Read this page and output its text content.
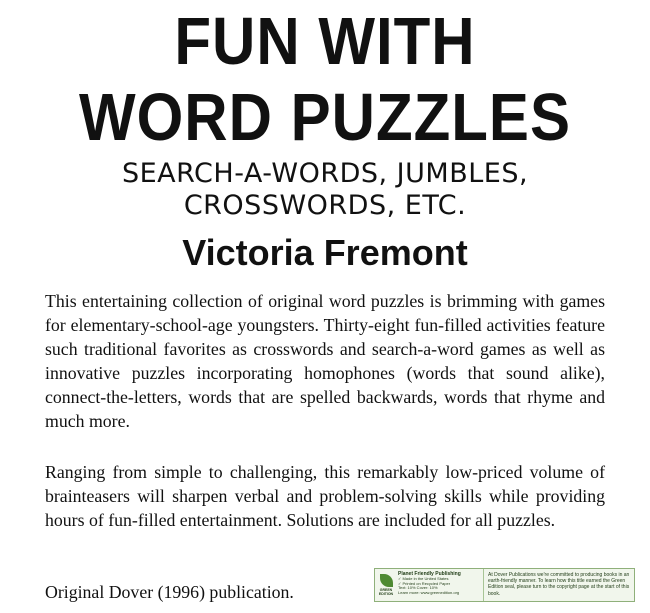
FUN WITH
WORD PUZZLES
SEARCH-A-WORDS, JUMBLES,
CROSSWORDS, ETC.
Victoria Fremont

This entertaining collection of original word puzzles is brimming with games for elementary-school-age youngsters. Thirty-eight fun-filled activities feature such traditional favorites as crosswords and search-a-word games as well as innovative puzzles incorporating homophones (words that sound alike), connect-the-letters, words that are spelled backwards, words that rhyme and much more.

Ranging from simple to challenging, this remarkably low-priced volume of brainteasers will sharpen verbal and problem-solving skills while providing hours of fun-filled entertainment. Solutions are included for all puzzles.

Original Dover (1996) publication.	GREEN
EDITION
Planet Friendly Publishing
✓ Made in the United States
✓ Printed on Recycled Paper
Text: 10% Cover: 10%
Learn more: www.greenedition.org
At Dover Publications we're committed to producing books in an earth-friendly manner. To learn how this title earned the Green Edition seal, please turn to the copyright page at the start of this book.
